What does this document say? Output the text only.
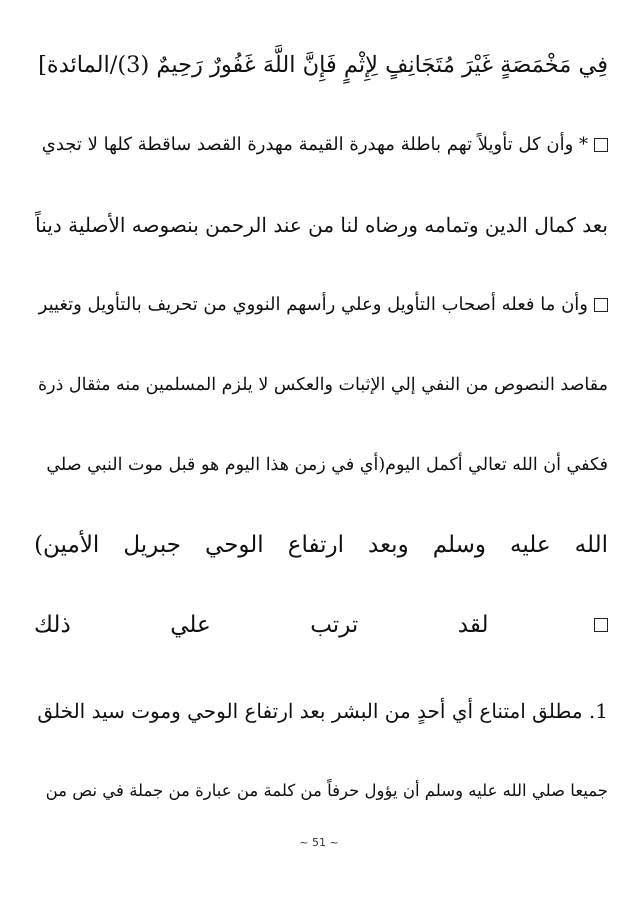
فِي مَخْمَصَةٍ غَيْرَ مُتَجَانِفٍ لِإِثْمٍ فَإِنَّ اللَّهَ غَفُورٌ رَحِيمٌ (3)/المائدة]
* وأن كل تأويلاً تهم باطلة مهدرة القيمة مهدرة القصد ساقطة كلها لا تجدي
بعد كمال الدين وتمامه ورضاه لنا من عند الرحمن بنصوصه الأصلية ديناً
وأن ما فعله أصحاب التأويل وعلي رأسهم النووي من تحريف بالتأويل وتغيير
مقاصد النصوص من النفي إلي الإثبات والعكس لا يلزم المسلمين منه مثقال ذرة
فكفي أن الله تعالي أكمل اليوم(أي في زمن هذا اليوم هو قبل موت النبي صلي
الله
عليه
وسلم
وبعد
ارتفاع
الوحي
جبريل
الأمين)
لقد
ترتب
علي
ذلك
1. مطلق امتناع أي أحدٍ من البشر بعد ارتفاع الوحي وموت سيد الخلق
جميعا صلي الله عليه وسلم أن يؤول حرفاً من كلمة من عبارة من جملة في نص من
~ 51 ~
